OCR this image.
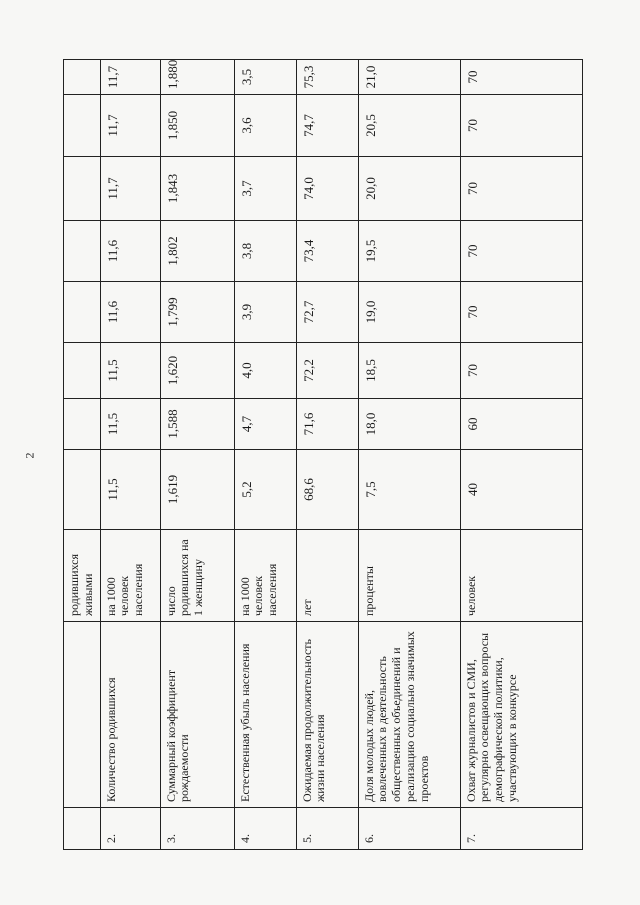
2
		родившихся живыми								
2.	Количество родившихся	на 1000 человек населения	11,5	11,5	11,5	11,6	11,6	11,7	11,7	11,7
3.	Суммарный коэффициент рождаемости	число родившихся на 1 женщину	1,619	1,588	1,620	1,799	1,802	1,843	1,850	1,880
4.	Естественная убыль населения	на 1000 человек населения	5,2	4,7	4,0	3,9	3,8	3,7	3,6	3,5
5.	Ожидаемая продолжительность жизни населения	лет	68,6	71,6	72,2	72,7	73,4	74,0	74,7	75,3
6.	Доля молодых людей, вовлеченных в деятельность общественных объединений и реализацию социально значимых проектов	проценты	7,5	18,0	18,5	19,0	19,5	20,0	20,5	21,0
7.	Охват журналистов и СМИ, регулярно освещающих вопросы демографической политики, участвующих в конкурсе	человек	40	60	70	70	70	70	70	70
